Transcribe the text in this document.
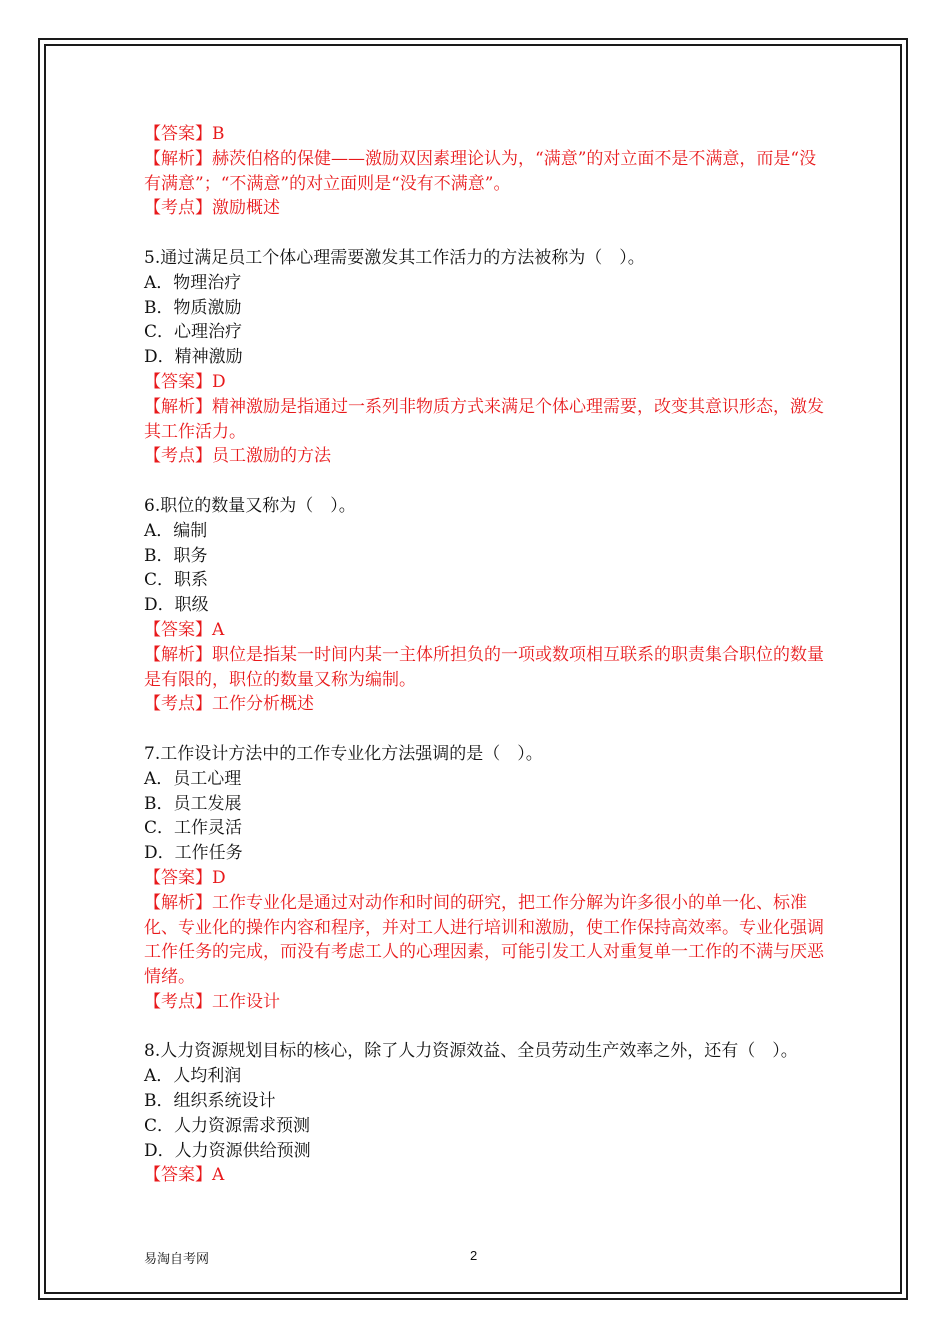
【答案】B
【解析】赫茨伯格的保健——激励双因素理论认为，“满意”的对立面不是不满意，而是“没有满意”；“不满意”的对立面则是“没有不满意”。
【考点】激励概述
5.通过满足员工个体心理需要激发其工作活力的方法被称为（　）。
A．物理治疗
B．物质激励
C．心理治疗
D．精神激励
【答案】D
【解析】精神激励是指通过一系列非物质方式来满足个体心理需要，改变其意识形态，激发其工作活力。
【考点】员工激励的方法
6.职位的数量又称为（　）。
A．编制
B．职务
C．职系
D．职级
【答案】A
【解析】职位是指某一时间内某一主体所担负的一项或数项相互联系的职责集合职位的数量是有限的，职位的数量又称为编制。
【考点】工作分析概述
7.工作设计方法中的工作专业化方法强调的是（　）。
A．员工心理
B．员工发展
C．工作灵活
D．工作任务
【答案】D
【解析】工作专业化是通过对动作和时间的研究，把工作分解为许多很小的单一化、标准化、专业化的操作内容和程序，并对工人进行培训和激励，使工作保持高效率。专业化强调工作任务的完成，而没有考虑工人的心理因素，可能引发工人对重复单一工作的不满与厌恶情绪。
【考点】工作设计
8.人力资源规划目标的核心，除了人力资源效益、全员劳动生产效率之外，还有（　）。
A．人均利润
B．组织系统设计
C．人力资源需求预测
D．人力资源供给预测
【答案】A
易淘自考网	2
